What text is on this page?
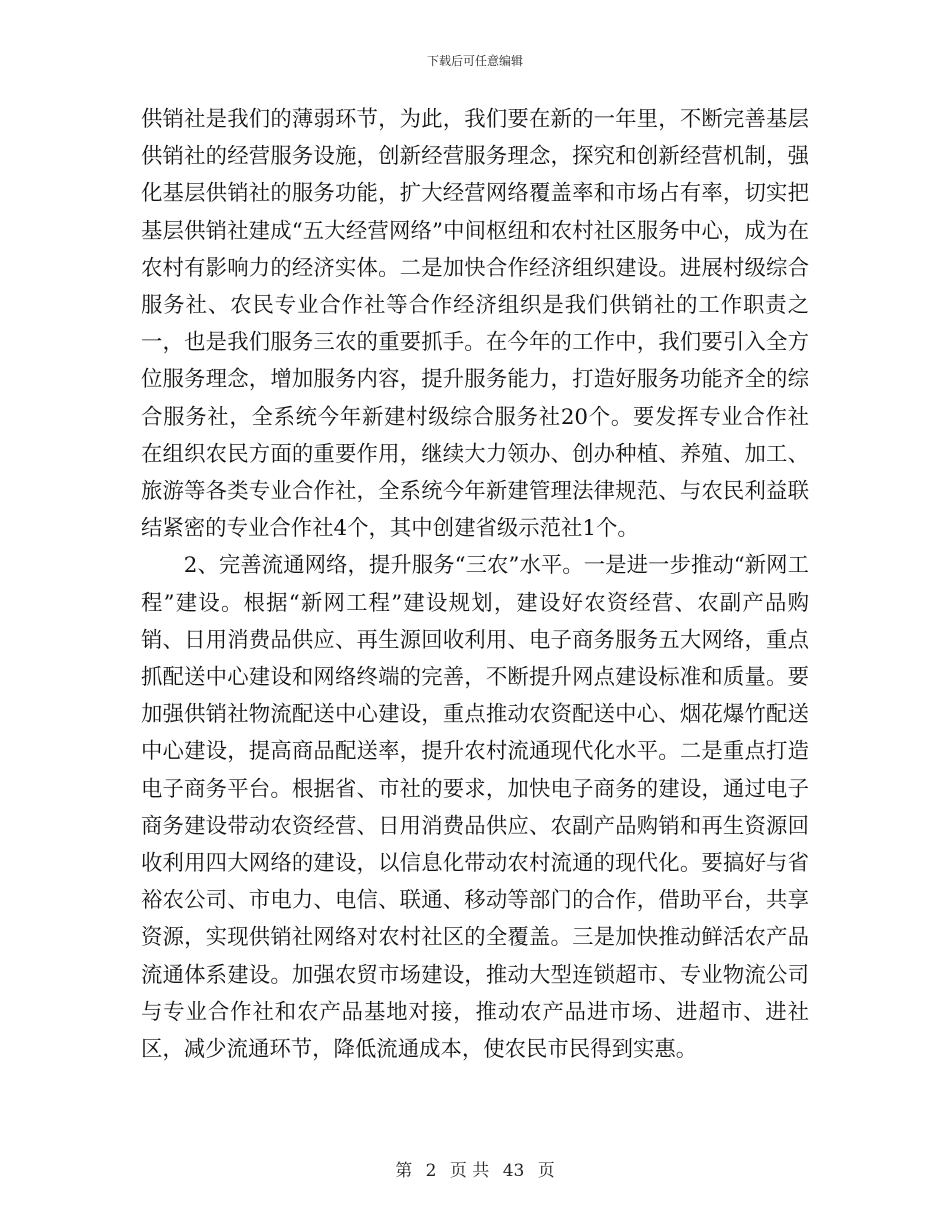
下载后可任意编辑

供销社是我们的薄弱环节，为此，我们要在新的一年里，不断完善基层供销社的经营服务设施，创新经营服务理念，探究和创新经营机制，强化基层供销社的服务功能，扩大经营网络覆盖率和市场占有率，切实把基层供销社建成“五大经营网络”中间枢纽和农村社区服务中心，成为在农村有影响力的经济实体。二是加快合作经济组织建设。进展村级综合服务社、农民专业合作社等合作经济组织是我们供销社的工作职责之一，也是我们服务三农的重要抓手。在今年的工作中，我们要引入全方位服务理念，增加服务内容，提升服务能力，打造好服务功能齐全的综合服务社，全系统今年新建村级综合服务社20个。要发挥专业合作社在组织农民方面的重要作用，继续大力领办、创办种植、养殖、加工、旅游等各类专业合作社，全系统今年新建管理法律规范、与农民利益联结紧密的专业合作社4个，其中创建省级示范社1个。

2、完善流通网络，提升服务“三农”水平。一是进一步推动“新网工程”建设。根据“新网工程”建设规划，建设好农资经营、农副产品购销、日用消费品供应、再生源回收利用、电子商务服务五大网络，重点抓配送中心建设和网络终端的完善，不断提升网点建设标准和质量。要加强供销社物流配送中心建设，重点推动农资配送中心、烟花爆竹配送中心建设，提高商品配送率，提升农村流通现代化水平。二是重点打造电子商务平台。根据省、市社的要求，加快电子商务的建设，通过电子商务建设带动农资经营、日用消费品供应、农副产品购销和再生资源回收利用四大网络的建设，以信息化带动农村流通的现代化。要搞好与省裕农公司、市电力、电信、联通、移动等部门的合作，借助平台，共享资源，实现供销社网络对农村社区的全覆盖。三是加快推动鲜活农产品流通体系建设。加强农贸市场建设，推动大型连锁超市、专业物流公司与专业合作社和农产品基地对接，推动农产品进市场、进超市、进社区，减少流通环节，降低流通成本，使农民市民得到实惠。

第 2 页 共 43 页
